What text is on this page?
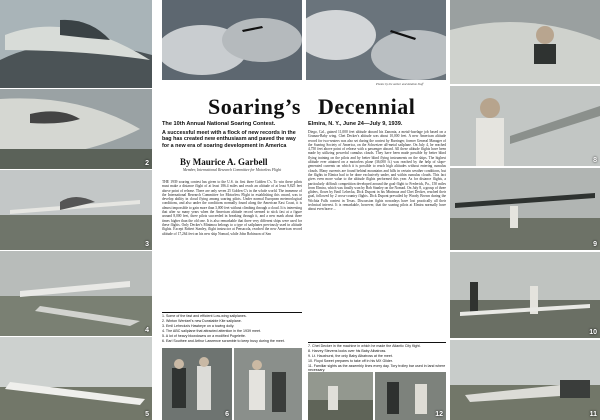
2
3
4
5
Photos by the author and Aviation Staff
Soaring’s Decennial
The 10th Annual National Soaring Contest.	Elmira, N. Y., June 24—July 9, 1939.
A successful meet with a flock of new records in the bag has created new enthusiasm and paved the way for a new era of soaring development in America
By Maurice A. Garbell
Member, International Research Committee for Motorless Flight
THE 1939 soaring contest has given to the U.S. its first three Golden C's. To win these pilots must make a distance flight of at least 186.4 miles and reach an altitude of at least 9,825 feet above point of release. There are only seven 25 Golden C's in the whole world. The immense of the International Research Committee for Motorless Flight in establishing this award, was to develop ability in cloud flying among soaring pilots. Under normal European meteorological conditions, and also under the conditions normally found along the American East Coast, it is almost impossible to gain more than 3,000 feet without climbing through a cloud. It is interesting that after so many years when the American altitude record seemed to stick fast at a figure around 8,000 feet, three pilots succeeded in breaking through it, and a new mark about three times higher than the old one. It is also remarkable that three very different ships were used for these flights. Only Decker's Minimoa belongs to a type of sailplanes previously used in altitude flights. Except Robert Stanley, flight instructor at Pensacola, reached the new American record altitude of 17,264 feet on his new ship Nomad, while John Robinson of San
Diego, Cal., gained 11,000 feet altitude aboard his Zanonia, a metal-fuselage job based on a Grunau-Baby wing. Chet Decker's altitude was about 10,000 feet. A new American altitude record for two-seaters was also set during the contest by Barringer, former General Manager of the Soaring Society of America, on the Schweizer all-metal sailplane. On July 4, he reached 4,750 feet above point of release with a passenger aboard. All these altitude flights have been made by utilizing powerful cumulus clouds. They have been made possible by better blind flying training on the pilots and by better blind flying instruments on the ships. The highest altitude ever attained on a motorless plane (36,000 ft.) was reached by the help of slope-generated currents on which it is possible to reach high altitudes without entering cumulus clouds. Many currents are found behind mountains and hills in certain weather conditions, but the flights in Elmira had to be done exclusively under, and within cumulus clouds. This fact gives even more value to the altitude flights performed this year. As for distance flights, a particularly difficult competition developed around the goal-flight to Frederick, Pa., 150 miles from Elmira, which was finally won by Bob Stanley on the Nomad. On July 8, a group of three gliders, flown by Emil Lehecka, Dick Dupont in his Minimoa and Chet Decker, reached their goal, followed by 2 cross-country flights. Dick Dupont prevailed by Woody Brown during the Wichita Falls contest in Texas. Discussion fights nowadays have lost practically all their technical interest. It is remarkable, however, that the soaring pilots at Elmira normally have about even brave ...
1. Some of the fast and efficient Low-wing sailplanes.
2. Winton Wentzel's new Dunstable Kite sailplane.
3. Emil Lehecka's Hawkeye on a towing dolly.
4. The ABC sailplane that attracted attention in the 1939 meet.
5. A lot of heavy blowdowns on a modified Pugelette.
6. Earl Southee and Arthur Lawrence scramble to keep busy during the meet.
7. Chet Decker in the machine in which he made the Atlantic City flight.
8. Harvey Stevens looks over his Baby Albatross.
9. Lt. Hauxhurst, the only Baby Albatross at the meet.
10. Floyd Sweet prepares to take off in his MX Glider.
11. Familiar sights as the assembly lines every day. Tory trolley bar used in land where necessary.
6	12
8
9
10
11
